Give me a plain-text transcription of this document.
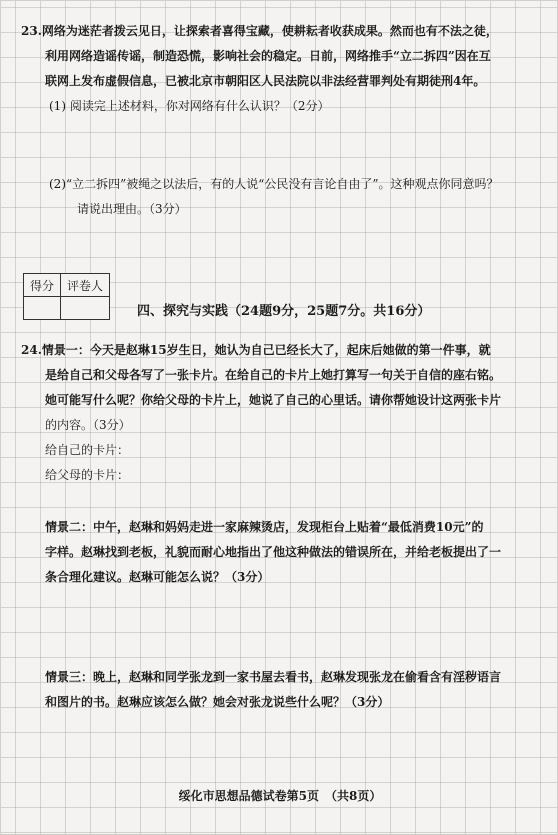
23.网络为迷茫者拨云见日，让探索者喜得宝藏，使耕耘者收获成果。然而也有不法之徒，
利用网络造谣传谣，制造恐慌，影响社会的稳定。日前，网络推手“立二拆四”因在互
联网上发布虚假信息，已被北京市朝阳区人民法院以非法经营罪判处有期徒刑4年。
(1) 阅读完上述材料，你对网络有什么认识？（2分）
(2)“立二拆四”被绳之以法后，有的人说“公民没有言论自由了”。这种观点你同意吗？
请说出理由。（3分）
得分	评卷人

四、探究与实践（24题9分，25题7分。共16分）
24.情景一：今天是赵琳15岁生日，她认为自己已经长大了，起床后她做的第一件事，就
是给自己和父母各写了一张卡片。在给自己的卡片上她打算写一句关于自信的座右铭。
她可能写什么呢？你给父母的卡片上，她说了自己的心里话。请你帮她设计这两张卡片
的内容。（3分）
给自己的卡片：
给父母的卡片：
情景二：中午，赵琳和妈妈走进一家麻辣烫店，发现柜台上贴着“最低消费10元”的
字样。赵琳找到老板，礼貌而耐心地指出了他这种做法的错误所在，并给老板提出了一
条合理化建议。赵琳可能怎么说？（3分）
情景三：晚上，赵琳和同学张龙到一家书屋去看书，赵琳发现张龙在偷看含有淫秽语言
和图片的书。赵琳应该怎么做？她会对张龙说些什么呢？（3分）
绥化市思想品德试卷第5页　（共8页）
